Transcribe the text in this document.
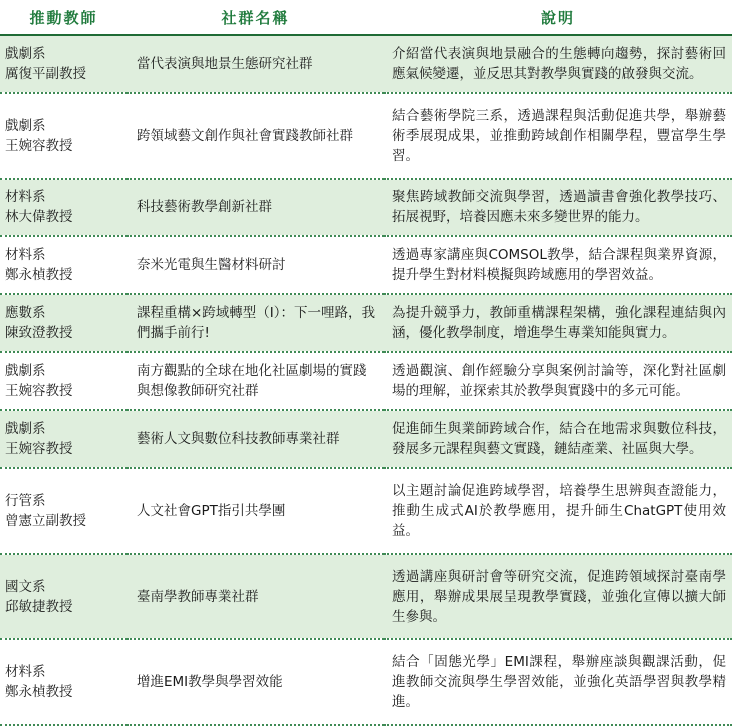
推動教師	社群名稱	說明

戲劇系
厲復平副教授	當代表演與地景生態研究社群	介紹當代表演與地景融合的生態轉向趨勢，探討藝術回應氣候變遷，並反思其對教學與實踐的啟發與交流。

戲劇系
王婉容教授	跨領域藝文創作與社會實踐教師社群	結合藝術學院三系，透過課程與活動促進共學，舉辦藝術季展現成果，並推動跨域創作相關學程，豐富學生學習。

材料系
林大偉教授	科技藝術教學創新社群	聚焦跨域教師交流與學習，透過讀書會強化教學技巧、拓展視野，培養因應未來多變世界的能力。

材料系
鄭永楨教授	奈米光電與生醫材料研討	透過專家講座與COMSOL教學，結合課程與業界資源，提升學生對材料模擬與跨域應用的學習效益。

應數系
陳致澄教授	課程重構×跨域轉型（I）：下一哩路，我們攜手前行!	為提升競爭力，教師重構課程架構，強化課程連結與內涵，優化教學制度，增進學生專業知能與實力。

戲劇系
王婉容教授	南方觀點的全球在地化社區劇場的實踐與想像教師研究社群	透過觀演、創作經驗分享與案例討論等，深化對社區劇場的理解，並探索其於教學與實踐中的多元可能。

戲劇系
王婉容教授	藝術人文與數位科技教師專業社群	促進師生與業師跨域合作，結合在地需求與數位科技，發展多元課程與藝文實踐，鏈結產業、社區與大學。

行管系
曾憲立副教授	人文社會GPT指引共學團	以主題討論促進跨域學習，培養學生思辨與查證能力，推動生成式AI於教學應用，提升師生ChatGPT使用效益。

國文系
邱敏捷教授	臺南學教師專業社群	透過講座與研討會等研究交流，促進跨領域探討臺南學應用，舉辦成果展呈現教學實踐，並強化宣傳以擴大師生參與。

材料系
鄭永楨教授	增進EMI教學與學習效能	結合「固態光學」EMI課程，舉辦座談與觀課活動，促進教師交流與學生學習效能，並強化英語學習與教學精進。
